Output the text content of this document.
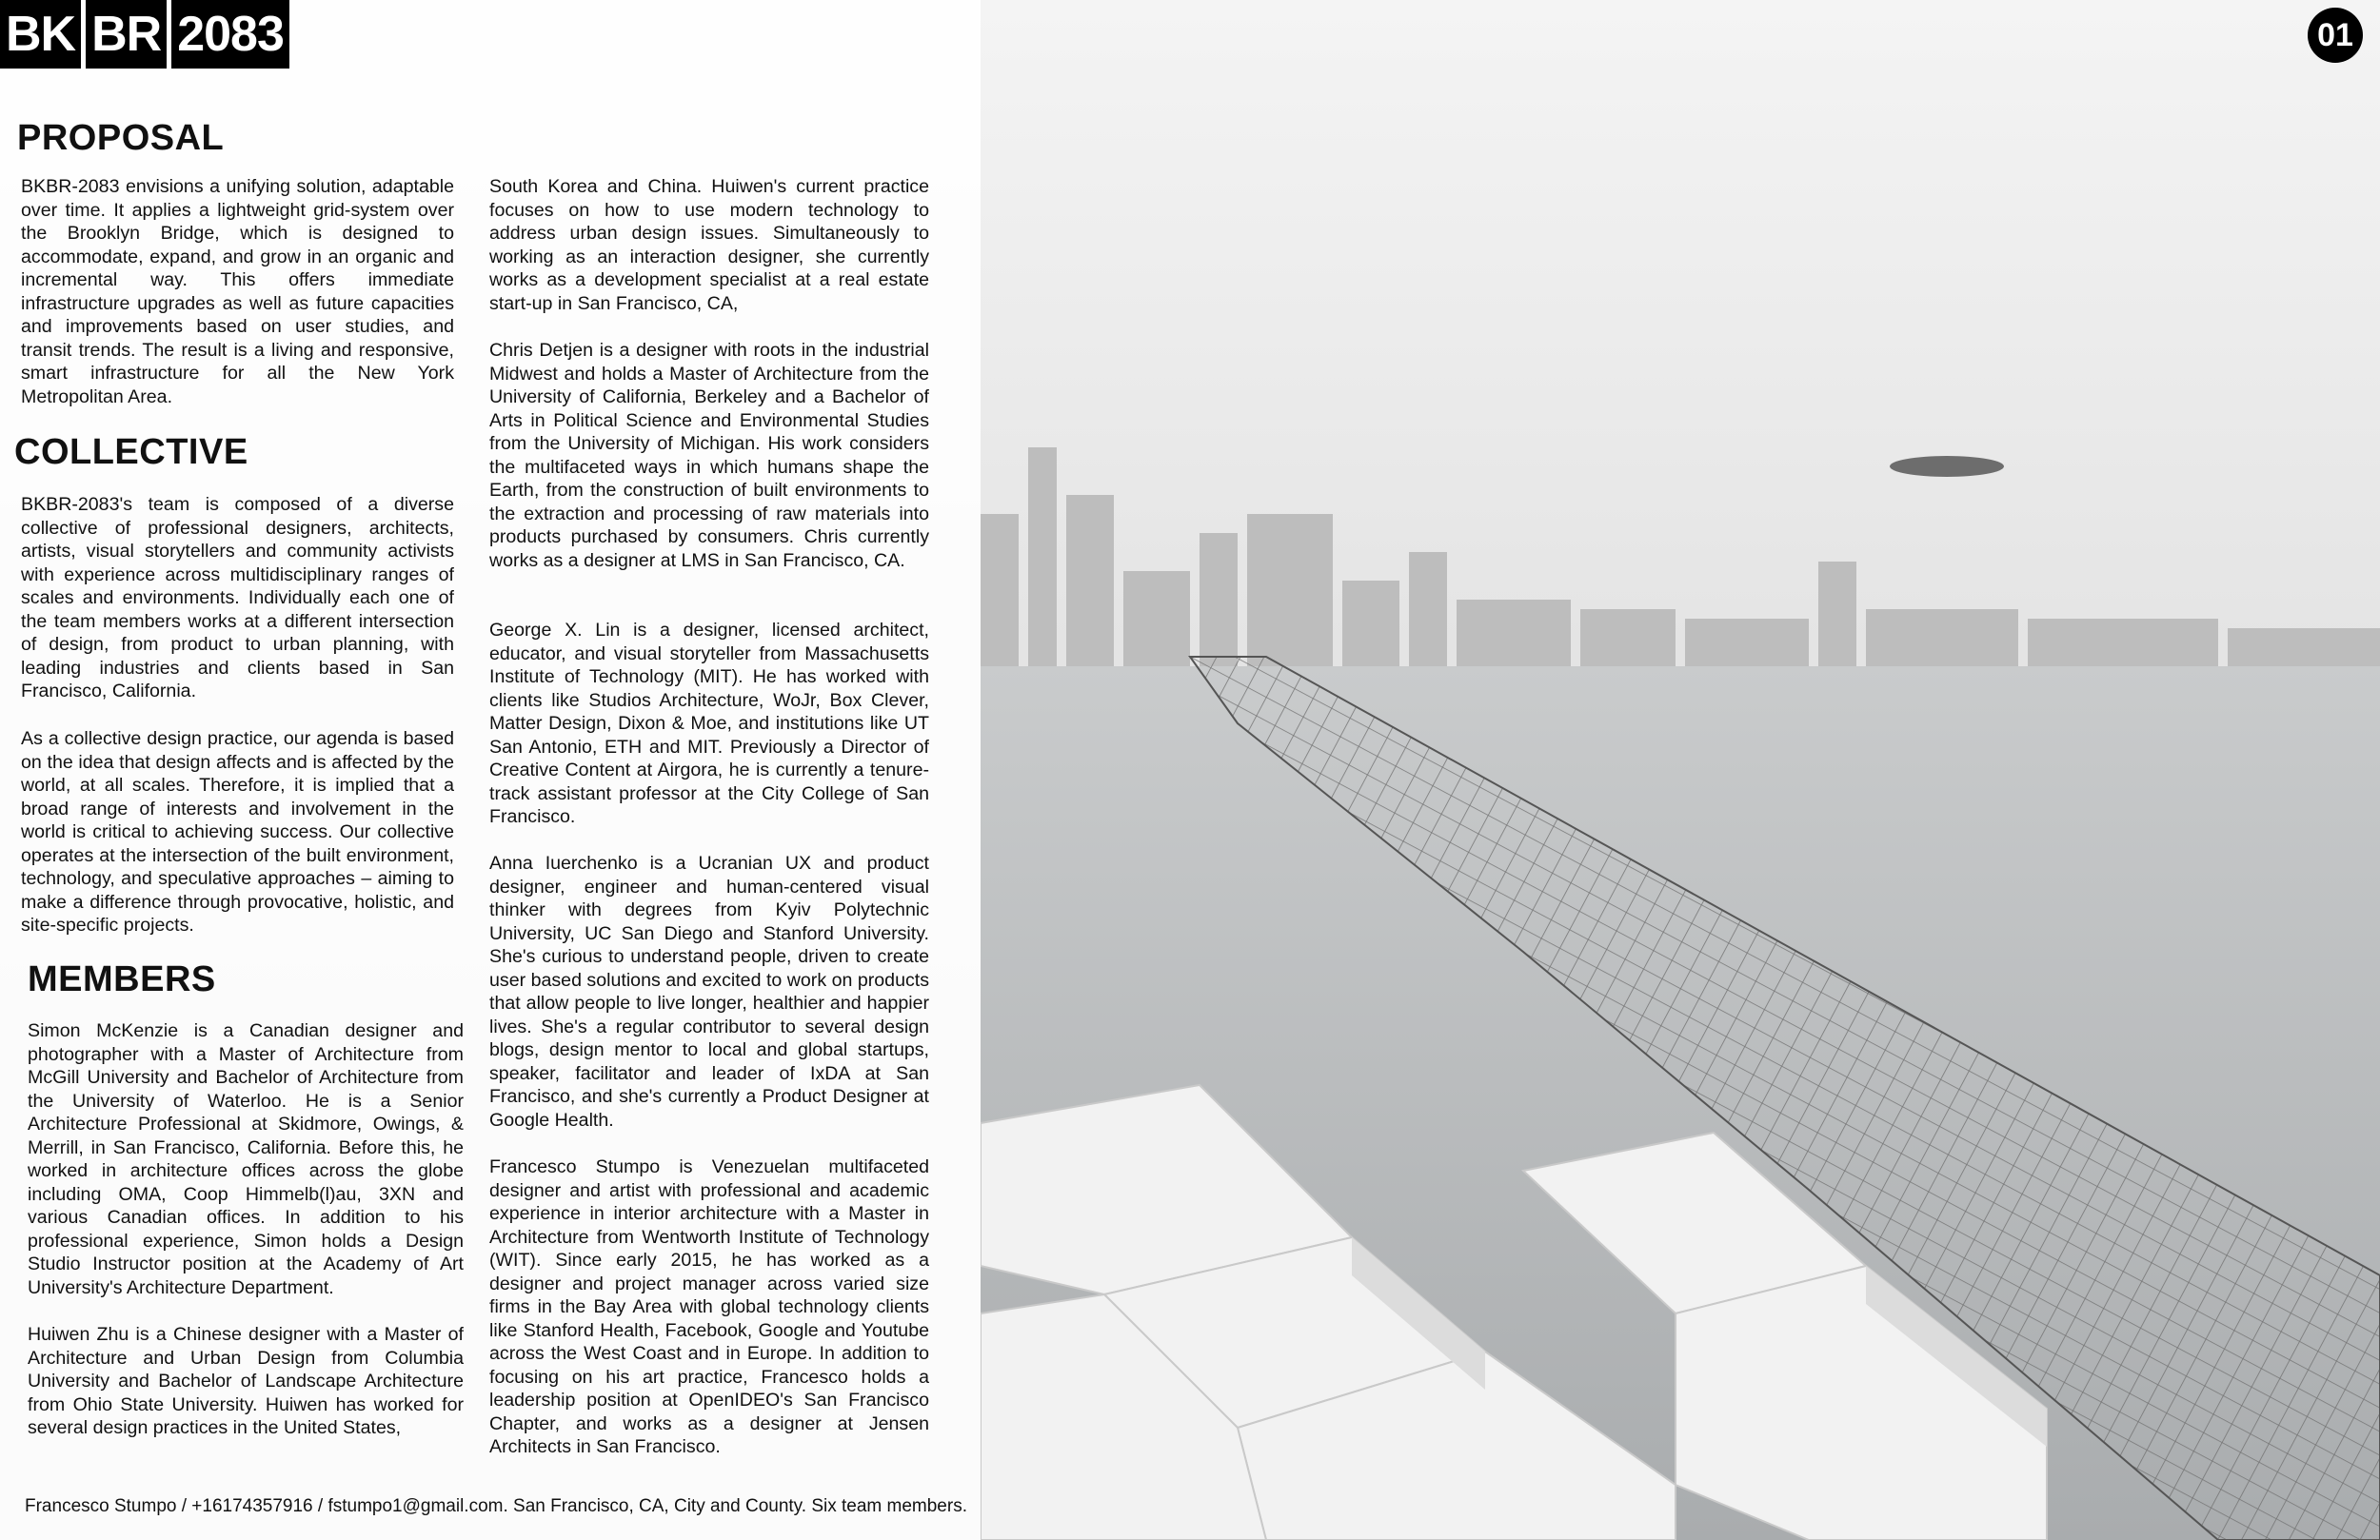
BK BR 2083	01
PROPOSAL

BKBR-2083 envisions a unifying solution, adaptable over time. It applies a lightweight grid-system over the Brooklyn Bridge, which is designed to accommodate, expand, and grow in an organic and incremental way. This offers immediate infrastructure upgrades as well as future capacities and improvements based on user studies, and transit trends. The result is a living and responsive, smart infrastructure for all the New York Metropolitan Area.

COLLECTIVE

BKBR-2083's team is composed of a diverse collective of professional designers, architects, artists, visual storytellers and community activists with experience across multidisciplinary ranges of scales and environments. Individually each one of the team members works at a different intersection of design, from product to urban planning, with leading industries and clients based in San Francisco, California.

As a collective design practice, our agenda is based on the idea that design affects and is affected by the world, at all scales. Therefore, it is implied that a broad range of interests and involvement in the world is critical to achieving success. Our collective operates at the intersection of the built environment, technology, and speculative approaches – aiming to make a difference through provocative, holistic, and site-specific projects.

MEMBERS

Simon McKenzie is a Canadian designer and photographer with a Master of Architecture from McGill University and Bachelor of Architecture from the University of Waterloo. He is a Senior Architecture Professional at Skidmore, Owings, & Merrill, in San Francisco, California. Before this, he worked in architecture offices across the globe including OMA, Coop Himmelb(l)au, 3XN and various Canadian offices. In addition to his professional experience, Simon holds a Design Studio Instructor position at the Academy of Art University's Architecture Department.

Huiwen Zhu is a Chinese designer with a Master of Architecture and Urban Design from Columbia University and Bachelor of Landscape Architecture from Ohio State University. Huiwen has worked for several design practices in the United States,

South Korea and China. Huiwen's current practice focuses on how to use modern technology to address urban design issues. Simultaneously to working as an interaction designer, she currently works as a development specialist at a real estate start-up in San Francisco, CA,

Chris Detjen is a designer with roots in the industrial Midwest and holds a Master of Architecture from the University of California, Berkeley and a Bachelor of Arts in Political Science and Environmental Studies from the University of Michigan. His work considers the multifaceted ways in which humans shape the Earth, from the construction of built environments to the extraction and processing of raw materials into products purchased by consumers. Chris currently works as a designer at LMS in San Francisco, CA.

George X. Lin is a designer, licensed architect, educator, and visual storyteller from Massachusetts Institute of Technology (MIT). He has worked with clients like Studios Architecture, WoJr, Box Clever, Matter Design, Dixon & Moe, and institutions like UT San Antonio, ETH and MIT. Previously a Director of Creative Content at Airgora, he is currently a tenure-track assistant professor at the City College of San Francisco.

Anna Iuerchenko is a Ucranian UX and product designer, engineer and human-centered visual thinker with degrees from Kyiv Polytechnic University, UC San Diego and Stanford University. She's curious to understand people, driven to create user based solutions and excited to work on products that allow people to live longer, healthier and happier lives. She's a regular contributor to several design blogs, design mentor to local and global startups, speaker, facilitator and leader of IxDA at San Francisco, and she's currently a Product Designer at Google Health.

Francesco Stumpo is Venezuelan multifaceted designer and artist with professional and academic experience in interior architecture with a Master in Architecture from Wentworth Institute of Technology (WIT). Since early 2015, he has worked as a designer and project manager across varied size firms in the Bay Area with global technology clients like Stanford Health, Facebook, Google and Youtube across the West Coast and in Europe. In addition to focusing on his art practice, Francesco holds a leadership position at OpenIDEO's San Francisco Chapter, and works as a designer at Jensen Architects in San Francisco.

Francesco Stumpo / +16174357916 / fstumpo1@gmail.com. San Francisco, CA, City and County. Six team members.
